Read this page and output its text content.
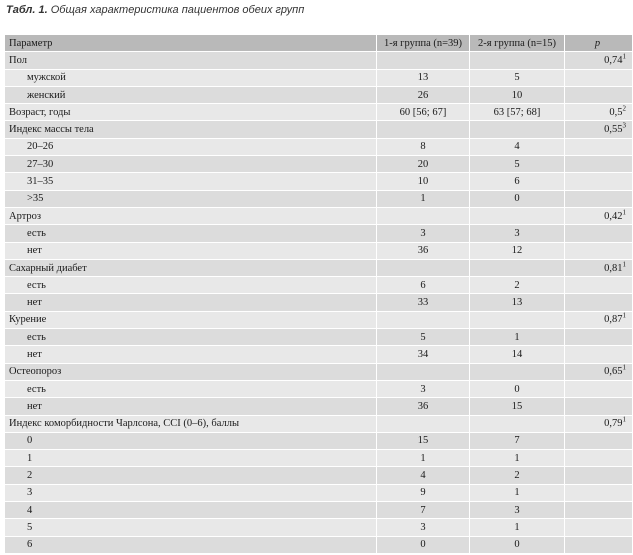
Табл. 1. Общая характеристика пациентов обеих групп
Параметр	1-я группа (n=39)	2-я группа (n=15)	p
Пол			0,74$^1$
мужской	13	5	
женский	26	10	
Возраст, годы	60 [56; 67]	63 [57; 68]	$0,5^2$
Индекс массы тела			0,55$^3$
20–26	8	4	
27–30	20	5	
31–35	10	6	
>35	1	0	
Артроз			0,42$^1$
есть	3	3	
нет	36	12	
Сахарный диабет			0,81$^1$
есть	6	2	
нет	33	13	
Курение			0,87$^1$
есть	5	1	
нет	34	14	
Остеопороз			0,65$^1$
есть	3	0	
нет	36	15	
Индекс коморбидности Чарлсона, CCI (0–6), баллы			0,79$^1$
0	15	7	
1	1	1	
2	4	2	
3	9	1	
4	7	3	
5	3	1	
6	0	0	
